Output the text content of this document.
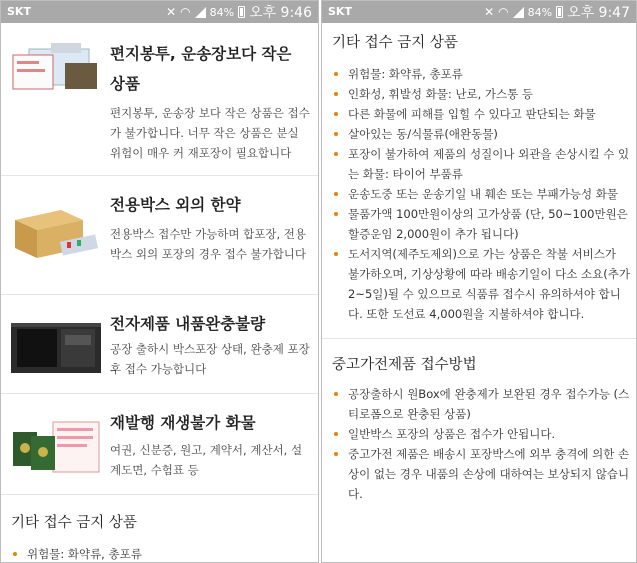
SKT	✕ ◠ 84% 오후 9:46
편지봉투, 운송장보다 작은 상품
편지봉투, 운송장 보다 작은 상품은 접수가 불가합니다. 너무 작은 상품은 분실 위험이 매우 커 재포장이 필요합니다
전용박스 외의 한약
전용박스 접수만 가능하며 합포장, 전용박스 외의 포장의 경우 접수 불가합니다
전자제품 내품완충불량
공장 출하시 박스포장 상태, 완충제 포장 후 접수 가능합니다
재발행 재생불가 화물
여권, 신분증, 원고, 계약서, 계산서, 설계도면, 수험표 등
기타 접수 금지 상품
위험물: 화약류, 총포류
SKT	✕ ◠ 84% 오후 9:47
기타 접수 금지 상품
위험물: 화약류, 총포류
인화성, 휘발성 화물: 난로, 가스통 등
다른 화물에 피해를 입힐 수 있다고 판단되는 화물
살아있는 동/식물류(애완동물)
포장이 불가하여 제품의 성질이나 외관을 손상시킬 수 있는 화물: 타이어 부품류
운송도중 또는 운송기일 내 훼손 또는 부패가능성 화물
물품가액 100만원이상의 고가상품 (단, 50~100만원은 할증운임 2,000원이 추가 됩니다)
도서지역(제주도제외)으로 가는 상품은 착불 서비스가 불가하오며, 기상상황에 따라 배송기일이 다소 소요(추가 2~5일)될 수 있으므로 식품류 접수시 유의하셔야 합니다. 또한 도선료 4,000원을 지불하셔야 합니다.
중고가전제품 접수방법
공장출하시 원Box에 완충제가 보완된 경우 접수가능 (스티로폼으로 완충된 상품)
일반박스 포장의 상품은 접수가 안됩니다.
중고가전 제품은 배송시 포장박스에 외부 충격에 의한 손상이 없는 경우 내품의 손상에 대하여는 보상되지 않습니다.
